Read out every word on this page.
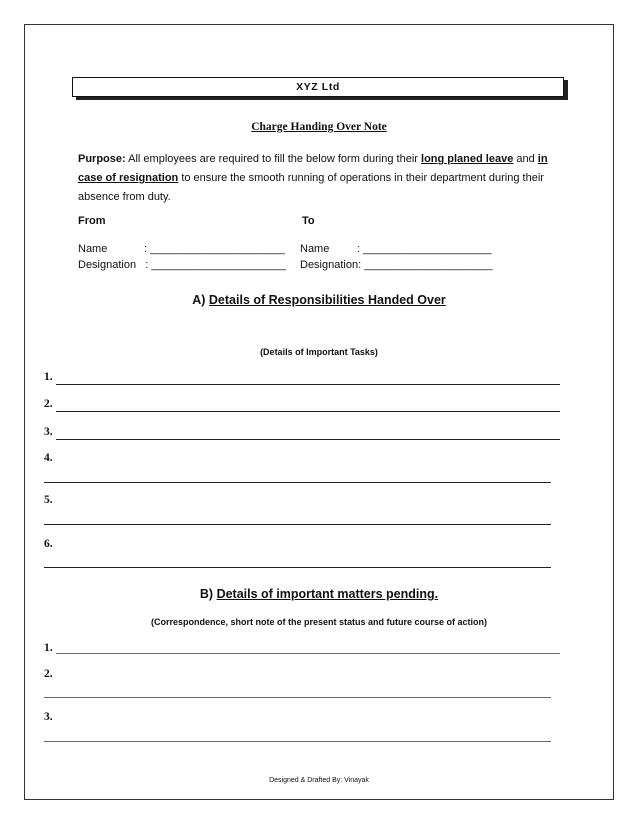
XYZ Ltd
Charge Handing Over Note

Purpose: All employees are required to fill the below form during their long planed leave and in case of resignation to ensure the smooth running of operations in their department during their absence from duty.

From	To
Name            : ______________________
Designation   : ______________________
Name         : _____________________
Designation: _____________________
A) Details of Responsibilities Handed Over
(Details of Important Tasks)
1.
2.
3.
4.
5.
6.
B) Details of important matters pending.
(Correspondence, short note of the present status and future course of action)
1.
2.
3.
Designed & Drafted By: Vinayak
